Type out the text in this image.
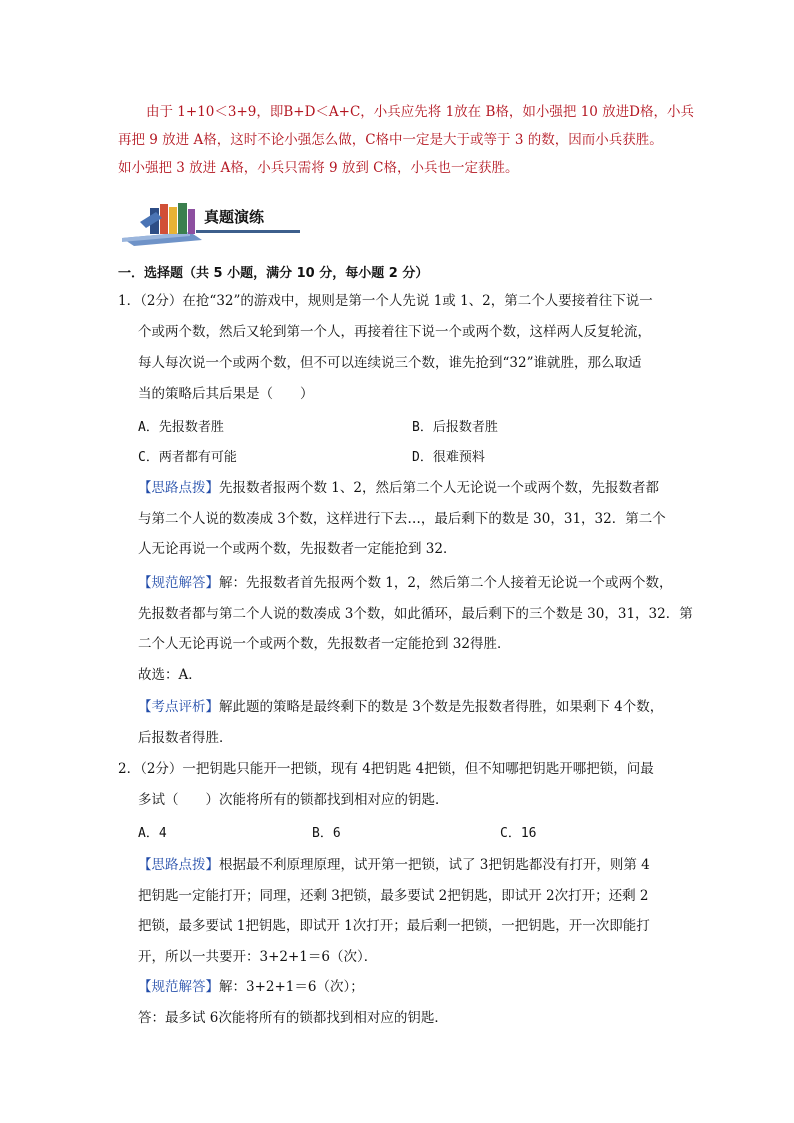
由于 1+10＜3+9，即B+D＜A+C，小兵应先将 1放在 B格，如小强把 10 放进D格，小兵

再把 9 放进 A格，这时不论小强怎么做，C格中一定是大于或等于 3 的数，因而小兵获胜。

如小强把 3 放进 A格，小兵只需将 9 放到 C格，小兵也一定获胜。

真题演练
一．选择题（共 5 小题，满分 10 分，每小题 2 分）
1．（2分）在抢“32”的游戏中，规则是第一个人先说 1或 1、2，第二个人要接着往下说一
个或两个数，然后又轮到第一个人，再接着往下说一个或两个数，这样两人反复轮流，
每人每次说一个或两个数，但不可以连续说三个数，谁先抢到“32”谁就胜，那么取适
当的策略后其后果是（　　）
A．先报数者胜	B．后报数者胜
C．两者都有可能	D．很难预料
【思路点拨】先报数者报两个数 1、2，然后第二个人无论说一个或两个数，先报数者都
与第二个人说的数凑成 3个数，这样进行下去…，最后剩下的数是 30，31，32．第二个
人无论再说一个或两个数，先报数者一定能抢到 32．
【规范解答】解：先报数者首先报两个数 1，2，然后第二个人接着无论说一个或两个数，
先报数者都与第二个人说的数凑成 3个数，如此循环，最后剩下的三个数是 30，31，32．第
二个人无论再说一个或两个数，先报数者一定能抢到 32得胜．
故选：A．
【考点评析】解此题的策略是最终剩下的数是 3个数是先报数者得胜，如果剩下 4个数，
后报数者得胜．
2．（2分）一把钥匙只能开一把锁，现有 4把钥匙 4把锁，但不知哪把钥匙开哪把锁，问最
多试（　　）次能将所有的锁都找到相对应的钥匙．
A．4	B．6	C．16
【思路点拨】根据最不利原理原理，试开第一把锁，试了 3把钥匙都没有打开，则第 4
把钥匙一定能打开；同理，还剩 3把锁，最多要试 2把钥匙，即试开 2次打开；还剩 2
把锁，最多要试 1把钥匙，即试开 1次打开；最后剩一把锁，一把钥匙，开一次即能打
开，所以一共要开：3+2+1＝6（次）．
【规范解答】解：3+2+1＝6（次）；
答：最多试 6次能将所有的锁都找到相对应的钥匙．
